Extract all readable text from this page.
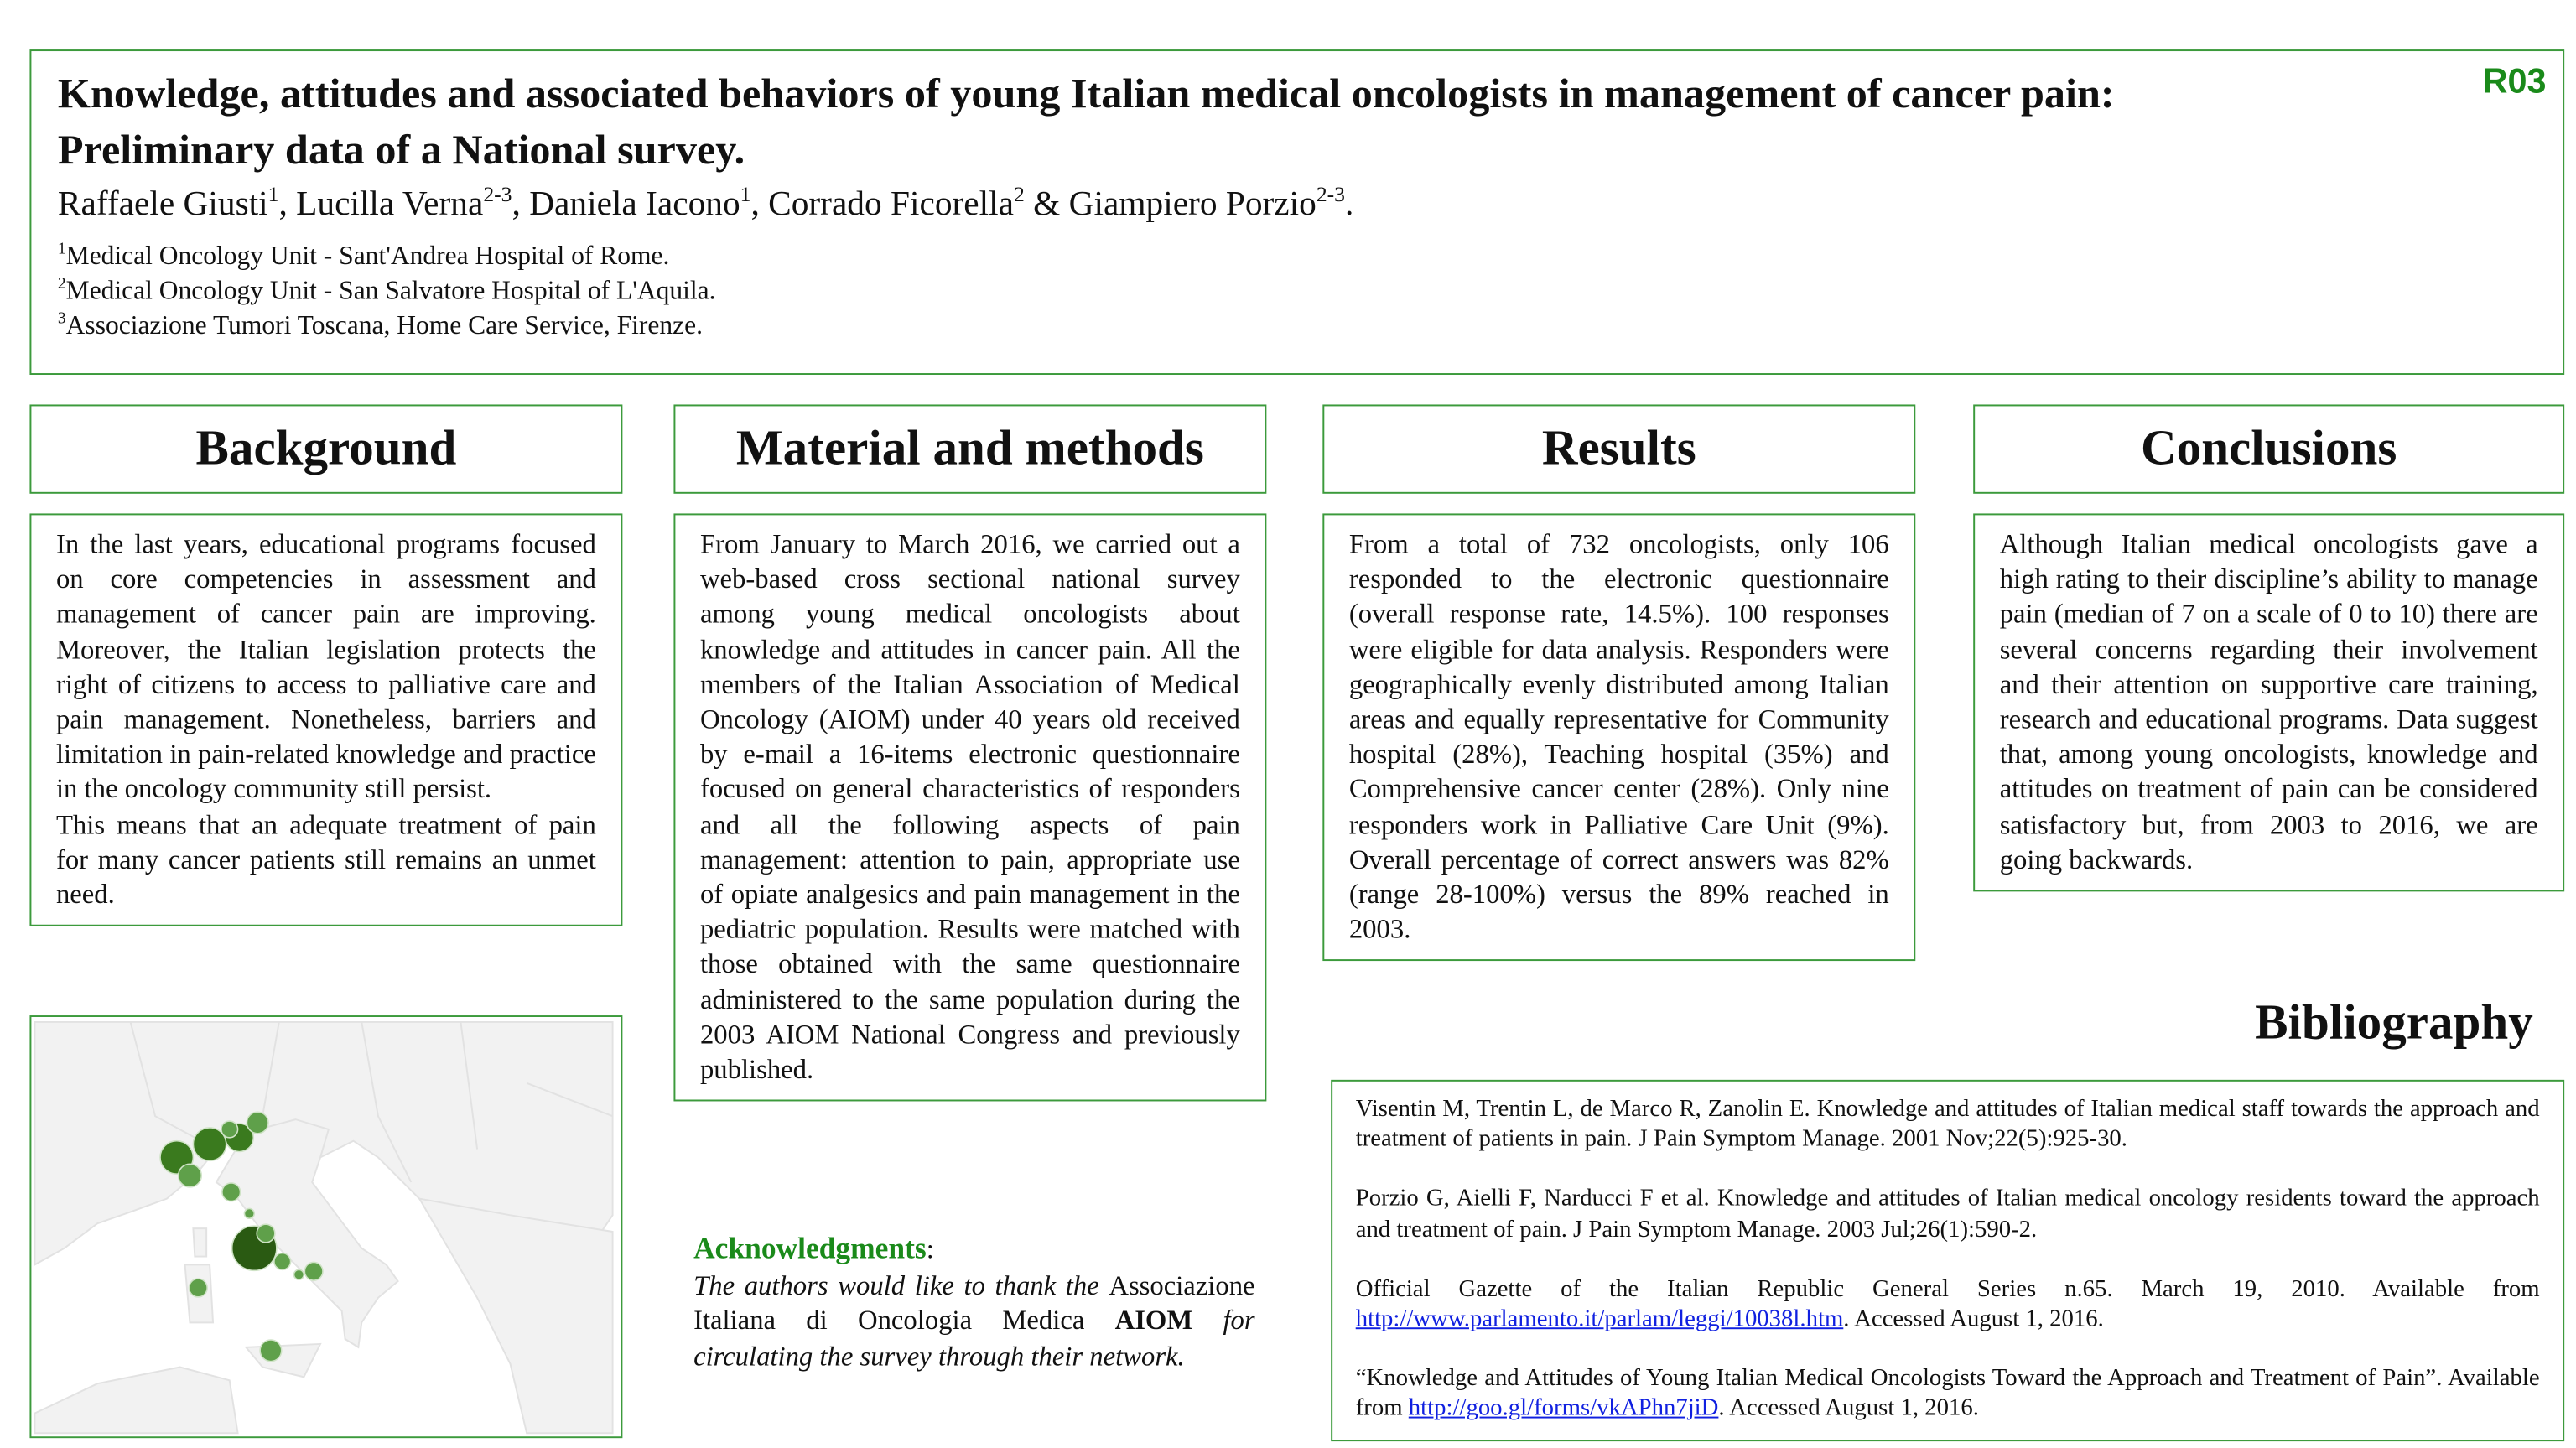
Knowledge, attitudes and associated behaviors of young Italian medical oncologists in management of cancer pain:
Preliminary data of a National survey.
R03
Raffaele Giusti$^1$, Lucilla Verna$^{2-3}$, Daniela Iacono$^1$, Corrado Ficorella$^2$ & Giampiero Porzio$^{2-3}$.
$^1$Medical Oncology Unit - Sant'Andrea Hospital of Rome.
$^2$Medical Oncology Unit - San Salvatore Hospital of L'Aquila.
$^3$Associazione Tumori Toscana, Home Care Service, Firenze.
Background	Material and methods	Results	Conclusions

In the last years, educational programs focused on core competencies in assessment and management of cancer pain are improving. Moreover, the Italian legislation protects the right of citizens to access to palliative care and pain management. Nonetheless, barriers and limitation in pain-related knowledge and practice in the oncology community still persist.

This means that an adequate treatment of pain for many cancer patients still remains an unmet need.

From January to March 2016, we carried out a web-based cross sectional national survey among young medical oncologists about knowledge and attitudes in cancer pain. All the members of the Italian Association of Medical Oncology (AIOM) under 40 years old received by e-mail a 16-items electronic questionnaire focused on general characteristics of responders and all the following aspects of pain management: attention to pain, appropriate use of opiate analgesics and pain management in the pediatric population. Results were matched with those obtained with the same questionnaire administered to the same population during the 2003 AIOM National Congress and previously published.

From a total of 732 oncologists, only 106 responded to the electronic questionnaire (overall response rate, 14.5%). 100 responses were eligible for data analysis. Responders were geographically evenly distributed among Italian areas and equally representative for Community hospital (28%), Teaching hospital (35%) and Comprehensive cancer center (28%). Only nine responders work in Palliative Care Unit (9%). Overall percentage of correct answers was 82% (range 28-100%) versus the 89% reached in 2003.

Although Italian medical oncologists gave a high rating to their discipline’s ability to manage pain (median of 7 on a scale of 0 to 10) there are several concerns regarding their involvement and their attention on supportive care training, research and educational programs. Data suggest that, among young oncologists, knowledge and attitudes on treatment of pain can be considered satisfactory but, from 2003 to 2016, we are going backwards.

Acknowledgments:
The authors would like to thank the Associazione Italiana di Oncologia Medica AIOM for circulating the survey through their network.
Bibliography

Visentin M, Trentin L, de Marco R, Zanolin E. Knowledge and attitudes of Italian medical staff towards the approach and treatment of patients in pain. J Pain Symptom Manage. 2001 Nov;22(5):925-30.

Porzio G, Aielli F, Narducci F et al. Knowledge and attitudes of Italian medical oncology residents toward the approach and treatment of pain. J Pain Symptom Manage. 2003 Jul;26(1):590-2.

Official Gazette of the Italian Republic General Series n.65. March 19, 2010. Available from http://www.parlamento.it/parlam/leggi/10038l.htm. Accessed August 1, 2016.

“Knowledge and Attitudes of Young Italian Medical Oncologists Toward the Approach and Treatment of Pain”. Available from http://goo.gl/forms/vkAPhn7jiD. Accessed August 1, 2016.
